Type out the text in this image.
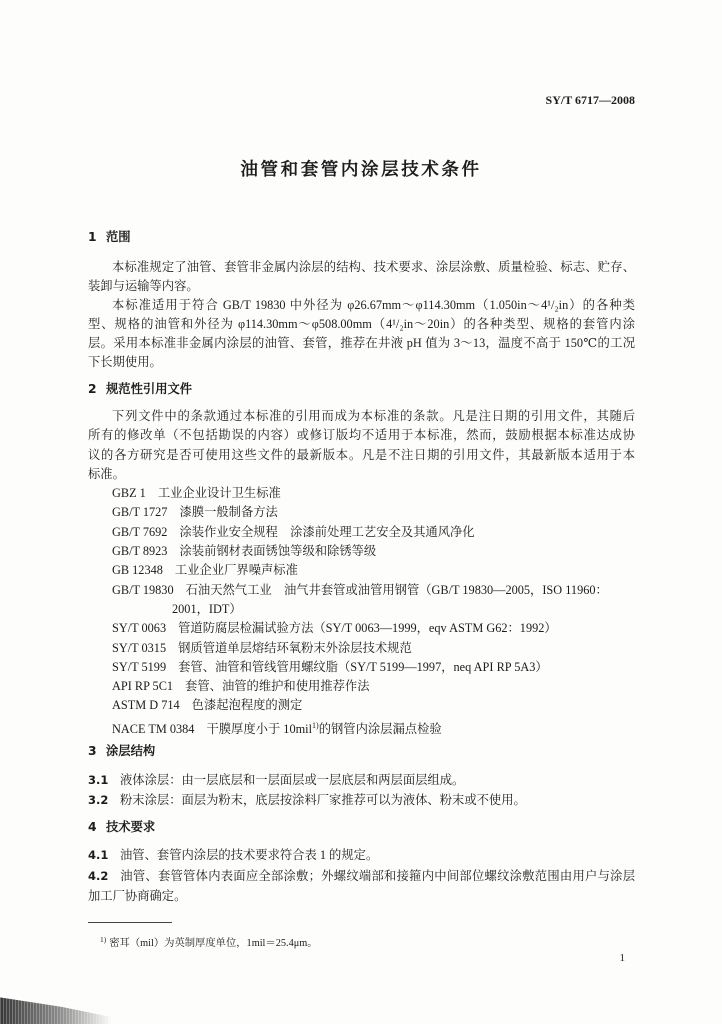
SY/T 6717—2008
油管和套管内涂层技术条件
1 范围
本标准规定了油管、套管非金属内涂层的结构、技术要求、涂层涂敷、质量检验、标志、贮存、
装卸与运输等内容。
本标准适用于符合 GB/T 19830 中外径为 φ26.67mm～φ114.30mm（1.050in～4¹/₂in）的各种类
型、规格的油管和外径为 φ114.30mm～φ508.00mm（4¹/₂in～20in）的各种类型、规格的套管内涂
层。采用本标准非金属内涂层的油管、套管，推荐在井液 pH 值为 3～13，温度不高于 150℃的工况
下长期使用。
2 规范性引用文件
下列文件中的条款通过本标准的引用而成为本标准的条款。凡是注日期的引用文件，其随后
所有的修改单（不包括勘误的内容）或修订版均不适用于本标准，然而，鼓励根据本标准达成协
议的各方研究是否可使用这些文件的最新版本。凡是不注日期的引用文件，其最新版本适用于本
标准。
GBZ 1 工业企业设计卫生标准
GB/T 1727 漆膜一般制备方法
GB/T 7692 涂装作业安全规程　涂漆前处理工艺安全及其通风净化
GB/T 8923 涂装前钢材表面锈蚀等级和除锈等级
GB 12348 工业企业厂界噪声标准
GB/T 19830 石油天然气工业　油气井套管或油管用钢管（GB/T 19830—2005，ISO 11960：
2001，IDT）
SY/T 0063 管道防腐层检漏试验方法（SY/T 0063—1999，eqv ASTM G62：1992）
SY/T 0315 钢质管道单层熔结环氧粉末外涂层技术规范
SY/T 5199 套管、油管和管线管用螺纹脂（SY/T 5199—1997，neq API RP 5A3）
API RP 5C1 套管、油管的维护和使用推荐作法
ASTM D 714 色漆起泡程度的测定
NACE TM 0384 干膜厚度小于 10mil$^{1)}$的钢管内涂层漏点检验
3 涂层结构
3.1 液体涂层：由一层底层和一层面层或一层底层和两层面层组成。
3.2 粉末涂层：面层为粉末，底层按涂料厂家推荐可以为液体、粉末或不使用。
4 技术要求
4.1 油管、套管内涂层的技术要求符合表 1 的规定。
4.2 油管、套管管体内表面应全部涂敷；外螺纹端部和接箍内中间部位螺纹涂敷范围由用户与涂层
加工厂协商确定。
$^{1)}$ 密耳（mil）为英制厚度单位，1mil＝25.4μm。
1
